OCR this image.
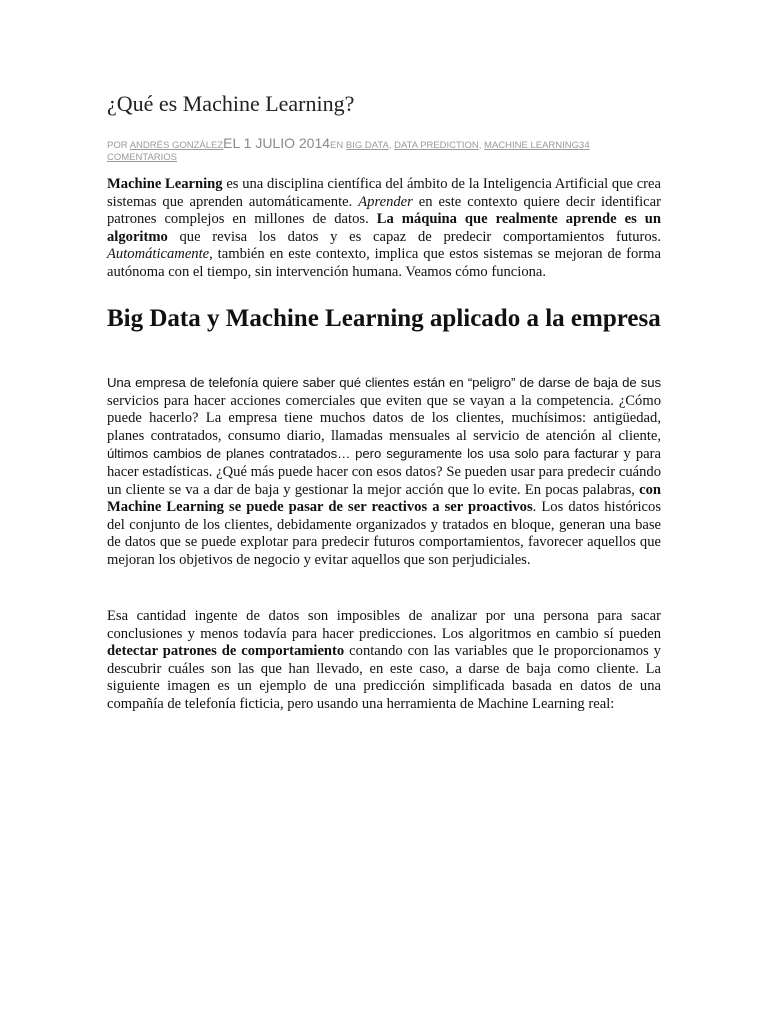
¿Qué es Machine Learning?
POR ANDRÉS GONZÁLEZEL 1 JULIO 2014EN BIG DATA, DATA PREDICTION, MACHINE LEARNING34 COMENTARIOS

Machine Learning es una disciplina científica del ámbito de la Inteligencia Artificial que crea sistemas que aprenden automáticamente. Aprender en este contexto quiere decir identificar patrones complejos en millones de datos. La máquina que realmente aprende es un algoritmo que revisa los datos y es capaz de predecir comportamientos futuros. Automáticamente, también en este contexto, implica que estos sistemas se mejoran de forma autónoma con el tiempo, sin intervención humana. Veamos cómo funciona.

Big Data y Machine Learning aplicado a la empresa

Una empresa de telefonía quiere saber qué clientes están en “peligro” de darse de baja de sus servicios para hacer acciones comerciales que eviten que se vayan a la competencia. ¿Cómo puede hacerlo? La empresa tiene muchos datos de los clientes, muchísimos: antigüedad, planes contratados, consumo diario, llamadas mensuales al servicio de atención al cliente, últimos cambios de planes contratados… pero seguramente los usa solo para facturar y para hacer estadísticas. ¿Qué más puede hacer con esos datos? Se pueden usar para predecir cuándo un cliente se va a dar de baja y gestionar la mejor acción que lo evite. En pocas palabras, con Machine Learning se puede pasar de ser reactivos a ser proactivos. Los datos históricos del conjunto de los clientes, debidamente organizados y tratados en bloque, generan una base de datos que se puede explotar para predecir futuros comportamientos, favorecer aquellos que mejoran los objetivos de negocio y evitar aquellos que son perjudiciales.

Esa cantidad ingente de datos son imposibles de analizar por una persona para sacar conclusiones y menos todavía para hacer predicciones. Los algoritmos en cambio sí pueden detectar patrones de comportamiento contando con las variables que le proporcionamos y descubrir cuáles son las que han llevado, en este caso, a darse de baja como cliente. La siguiente imagen es un ejemplo de una predicción simplificada basada en datos de una compañía de telefonía ficticia, pero usando una herramienta de Machine Learning real:
